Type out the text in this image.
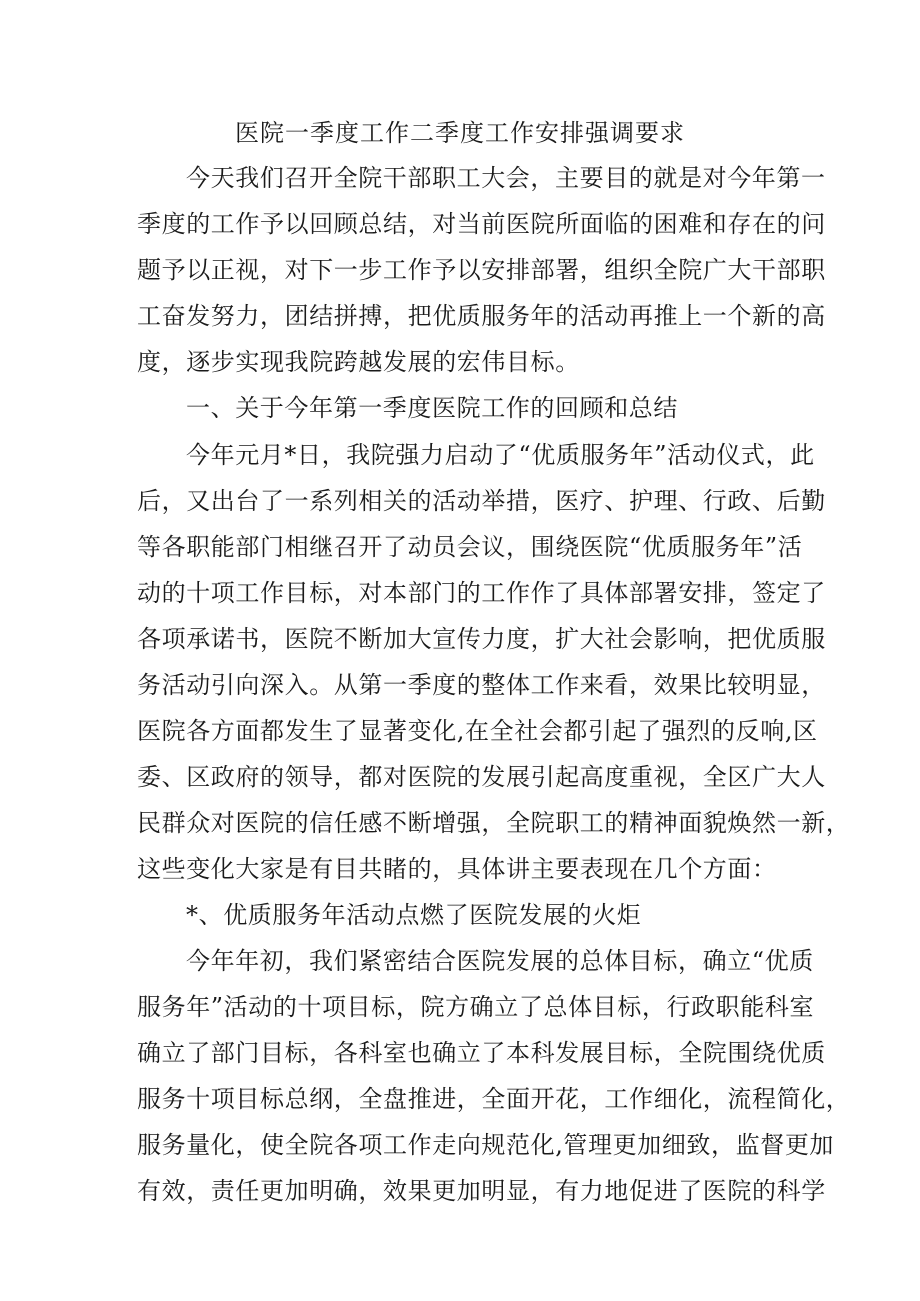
医院一季度工作二季度工作安排强调要求

今天我们召开全院干部职工大会，主要目的就是对今年第一

季度的工作予以回顾总结，对当前医院所面临的困难和存在的问

题予以正视，对下一步工作予以安排部署，组织全院广大干部职

工奋发努力，团结拼搏，把优质服务年的活动再推上一个新的高

度，逐步实现我院跨越发展的宏伟目标。

一、关于今年第一季度医院工作的回顾和总结

今年元月*日，我院强力启动了“优质服务年”活动仪式，此

后，又出台了一系列相关的活动举措，医疗、护理、行政、后勤

等各职能部门相继召开了动员会议，围绕医院“优质服务年”活

动的十项工作目标，对本部门的工作作了具体部署安排，签定了

各项承诺书，医院不断加大宣传力度，扩大社会影响，把优质服

务活动引向深入。从第一季度的整体工作来看，效果比较明显，

医院各方面都发生了显著变化,在全社会都引起了强烈的反响,区

委、区政府的领导，都对医院的发展引起高度重视，全区广大人

民群众对医院的信任感不断增强，全院职工的精神面貌焕然一新，

这些变化大家是有目共睹的，具体讲主要表现在几个方面：

*、优质服务年活动点燃了医院发展的火炬

今年年初，我们紧密结合医院发展的总体目标，确立“优质

服务年”活动的十项目标，院方确立了总体目标，行政职能科室

确立了部门目标，各科室也确立了本科发展目标，全院围绕优质

服务十项目标总纲，全盘推进，全面开花，工作细化，流程简化，

服务量化，使全院各项工作走向规范化,管理更加细致，监督更加

有效，责任更加明确，效果更加明显，有力地促进了医院的科学
